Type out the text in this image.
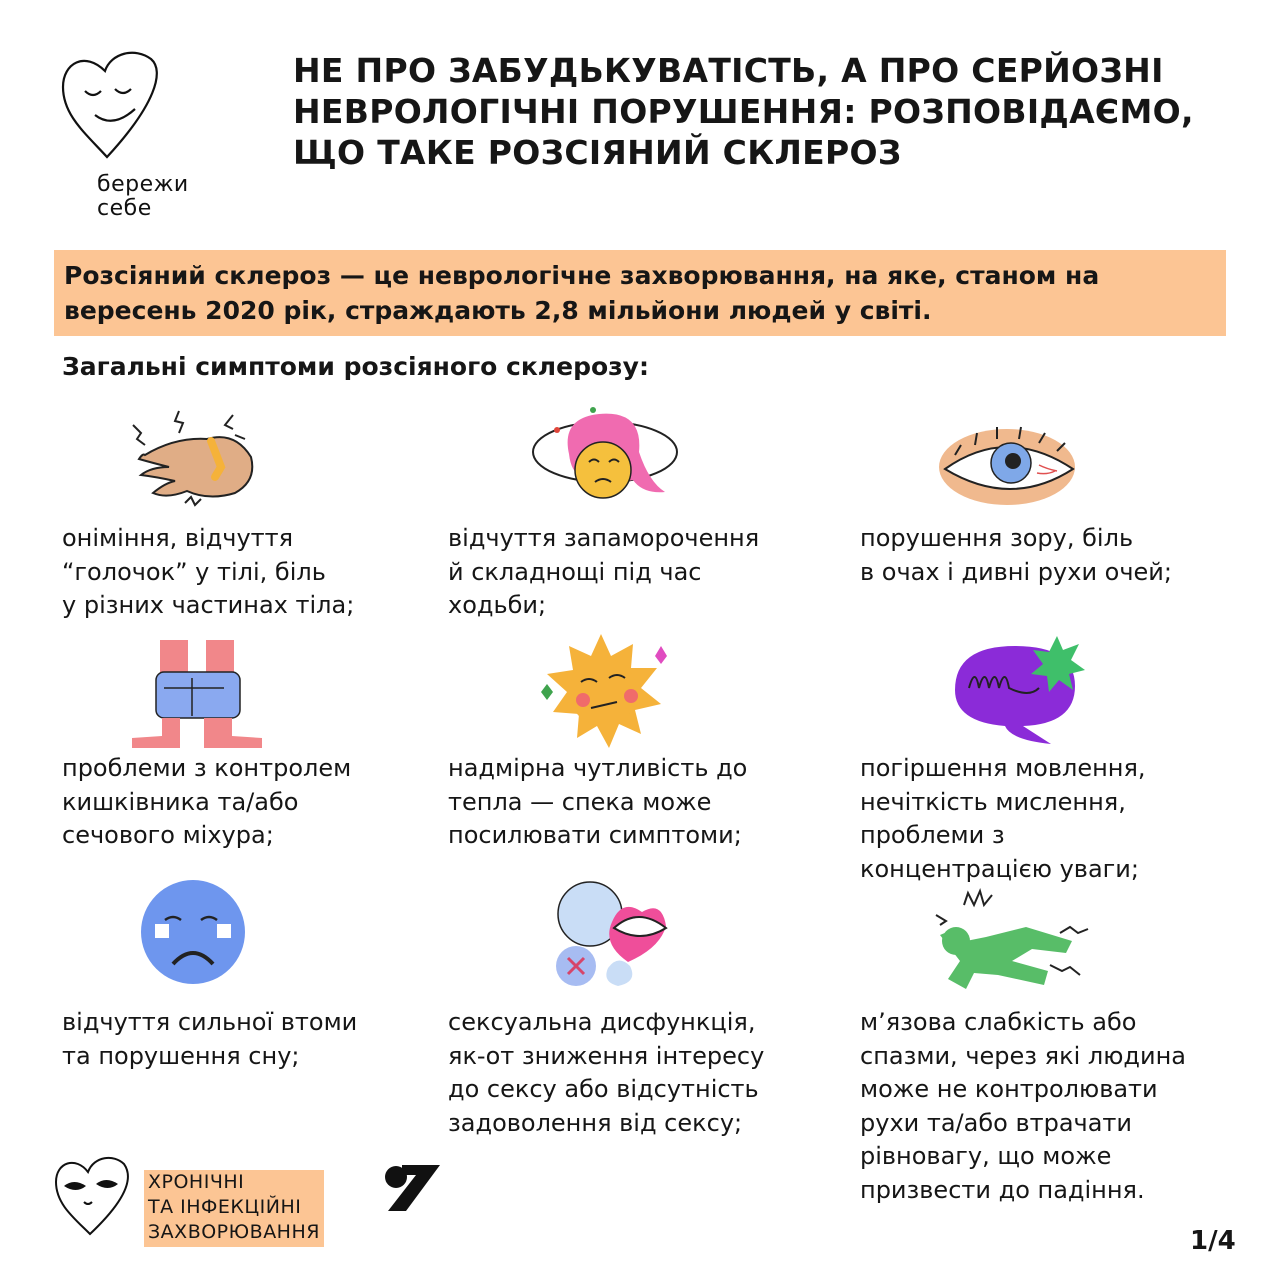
бережи
себе
НЕ ПРО ЗАБУДЬКУВАТІСТЬ, А ПРО СЕРЙОЗНІ НЕВРОЛОГІЧНІ ПОРУШЕННЯ: РОЗПОВІДАЄМО, ЩО ТАКЕ РОЗСІЯНИЙ СКЛЕРОЗ
Розсіяний склероз — це неврологічне захворювання, на яке, станом на вересень 2020 рік, страждають 2,8 мільйони людей у світі.
Загальні симптоми розсіяного склерозу:
оніміння, відчуття
“голочок” у тілі, біль
у різних частинах тіла;
відчуття запаморочення
й складнощі під час
ходьби;
порушення зору, біль
в очах і дивні рухи очей;
проблеми з контролем
кишківника та/або
сечового міхура;
надмірна чутливість до
тепла — спека може
посилювати симптоми;
погіршення мовлення,
нечіткість мислення,
проблеми з
концентрацією уваги;
відчуття сильної втоми
та порушення сну;
сексуальна дисфункція,
як-от зниження інтересу
до сексу або відсутність
задоволення від сексу;
м’язова слабкість або
спазми, через які людина
може не контролювати
рухи та/або втрачати
рівновагу, що може
призвести до падіння.
ХРОНІЧНІ
ТА ІНФЕКЦІЙНІ
ЗАХВОРЮВАННЯ	1/4
